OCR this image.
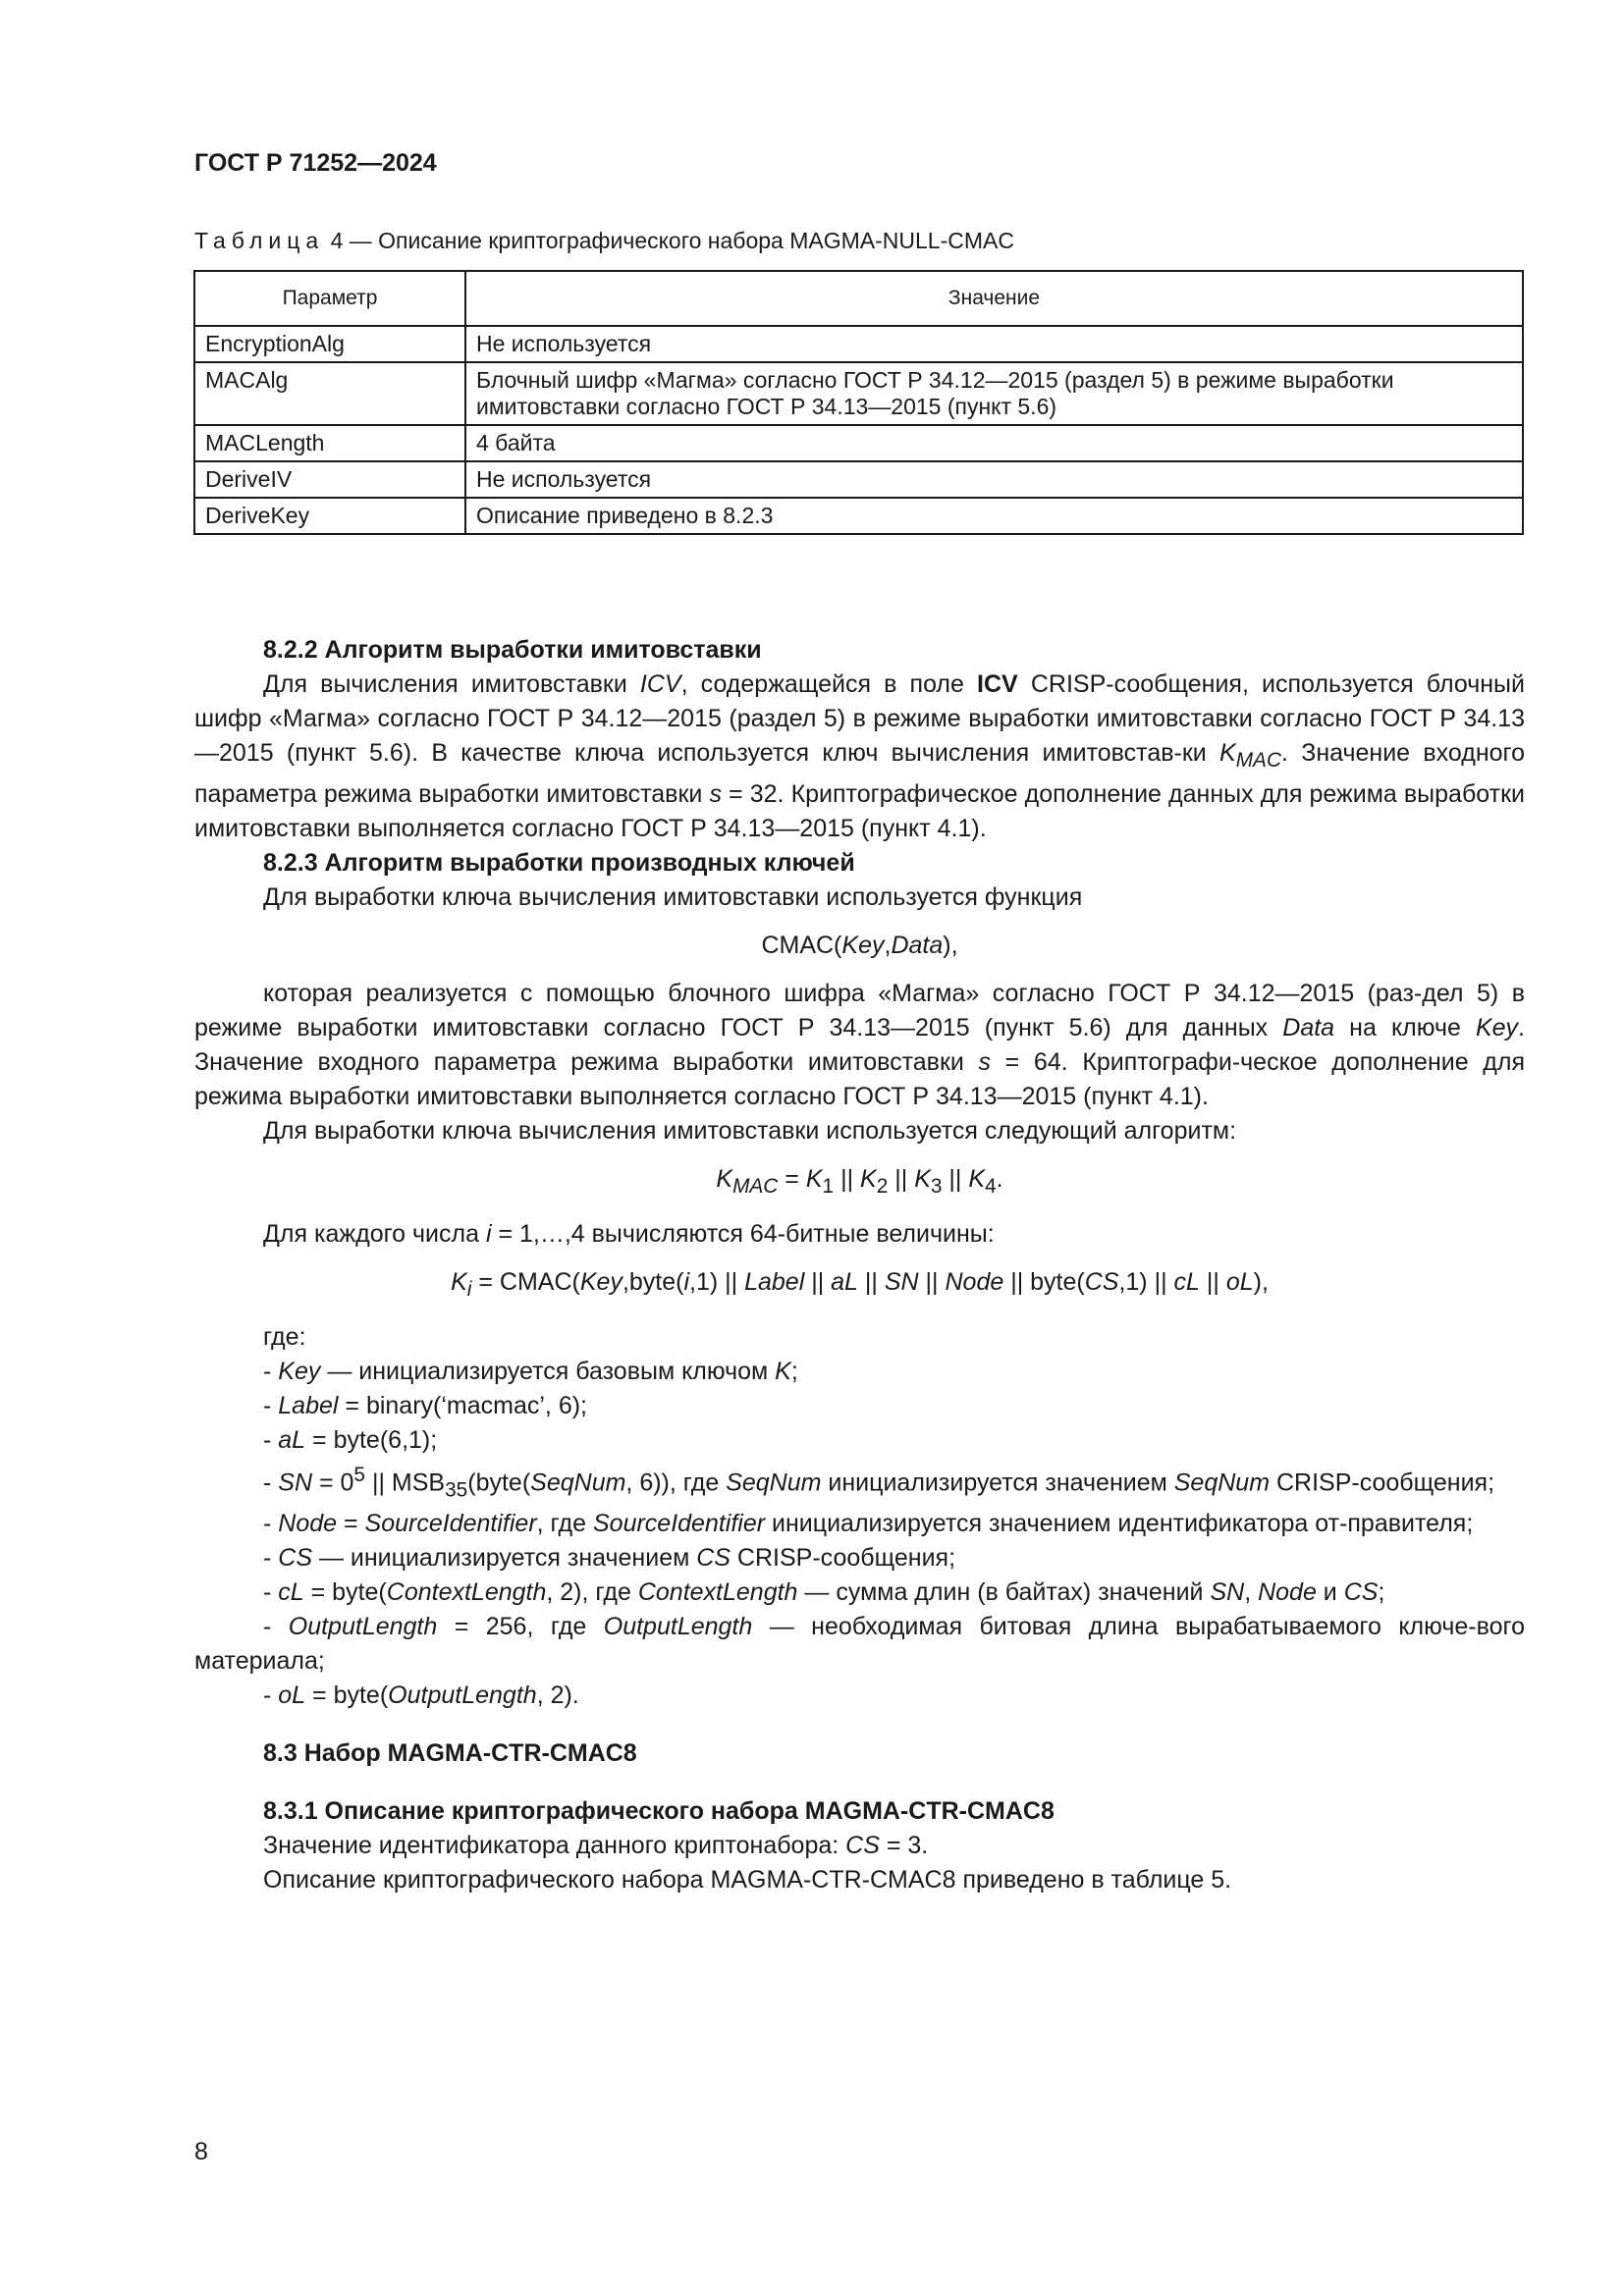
ГОСТ Р 71252—2024
Таблица 4 — Описание криптографического набора MAGMA-NULL-CMAC
Параметр	Значение
EncryptionAlg	Не используется
MACAlg	Блочный шифр «Магма» согласно ГОСТ Р 34.12—2015 (раздел 5) в режиме выработки имитовставки согласно ГОСТ Р 34.13—2015 (пункт 5.6)
MACLength	4 байта
DeriveIV	Не используется
DeriveKey	Описание приведено в 8.2.3

8.2.2 Алгоритм выработки имитовставки

Для вычисления имитовставки ICV, содержащейся в поле ICV CRISP-сообщения, используется блочный шифр «Магма» согласно ГОСТ Р 34.12—2015 (раздел 5) в режиме выработки имитовставки согласно ГОСТ Р 34.13—2015 (пункт 5.6). В качестве ключа используется ключ вычисления имитовстав-ки $K_{MAC}$. Значение входного параметра режима выработки имитовставки s = 32. Криптографическое дополнение данных для режима выработки имитовставки выполняется согласно ГОСТ Р 34.13—2015 (пункт 4.1).

8.2.3 Алгоритм выработки производных ключей

Для выработки ключа вычисления имитовставки используется функция

CMAC(Key,Data),

которая реализуется с помощью блочного шифра «Магма» согласно ГОСТ Р 34.12—2015 (раз-дел 5) в режиме выработки имитовставки согласно ГОСТ Р 34.13—2015 (пункт 5.6) для данных Data на ключе Key. Значение входного параметра режима выработки имитовставки s = 64. Криптографи-ческое дополнение для режима выработки имитовставки выполняется согласно ГОСТ Р 34.13—2015 (пункт 4.1).

Для выработки ключа вычисления имитовставки используется следующий алгоритм:

$K_{MAC} = K_1$ || $K_2$ || $K_3$ || $K_4$.

Для каждого числа i = 1,…,4 вычисляются 64-битные величины:

$K_i$ = CMAC(Key,byte(i,1) || Label || aL || SN || Node || byte(CS,1) || cL || oL),

где:

- Key — инициализируется базовым ключом K;

- Label = binary(‘macmac’, 6);

- aL = byte(6,1);

- SN = $0^5$ || $MSB_{35}(byte(SeqNum$, 6)), где SeqNum инициализируется значением SeqNum CRISP-сообщения;

- Node = SourceIdentifier, где SourceIdentifier инициализируется значением идентификатора от-правителя;

- CS — инициализируется значением CS CRISP-сообщения;

- cL = byte(ContextLength, 2), где ContextLength — сумма длин (в байтах) значений SN, Node и CS;

- OutputLength = 256, где OutputLength — необходимая битовая длина вырабатываемого ключе-вого материала;

- oL = byte(OutputLength, 2).

8.3 Набор MAGMA-CTR-CMAC8

8.3.1 Описание криптографического набора MAGMA-CTR-CMAC8

Значение идентификатора данного криптонабора: CS = 3.

Описание криптографического набора MAGMA-CTR-CMAC8 приведено в таблице 5.

8
